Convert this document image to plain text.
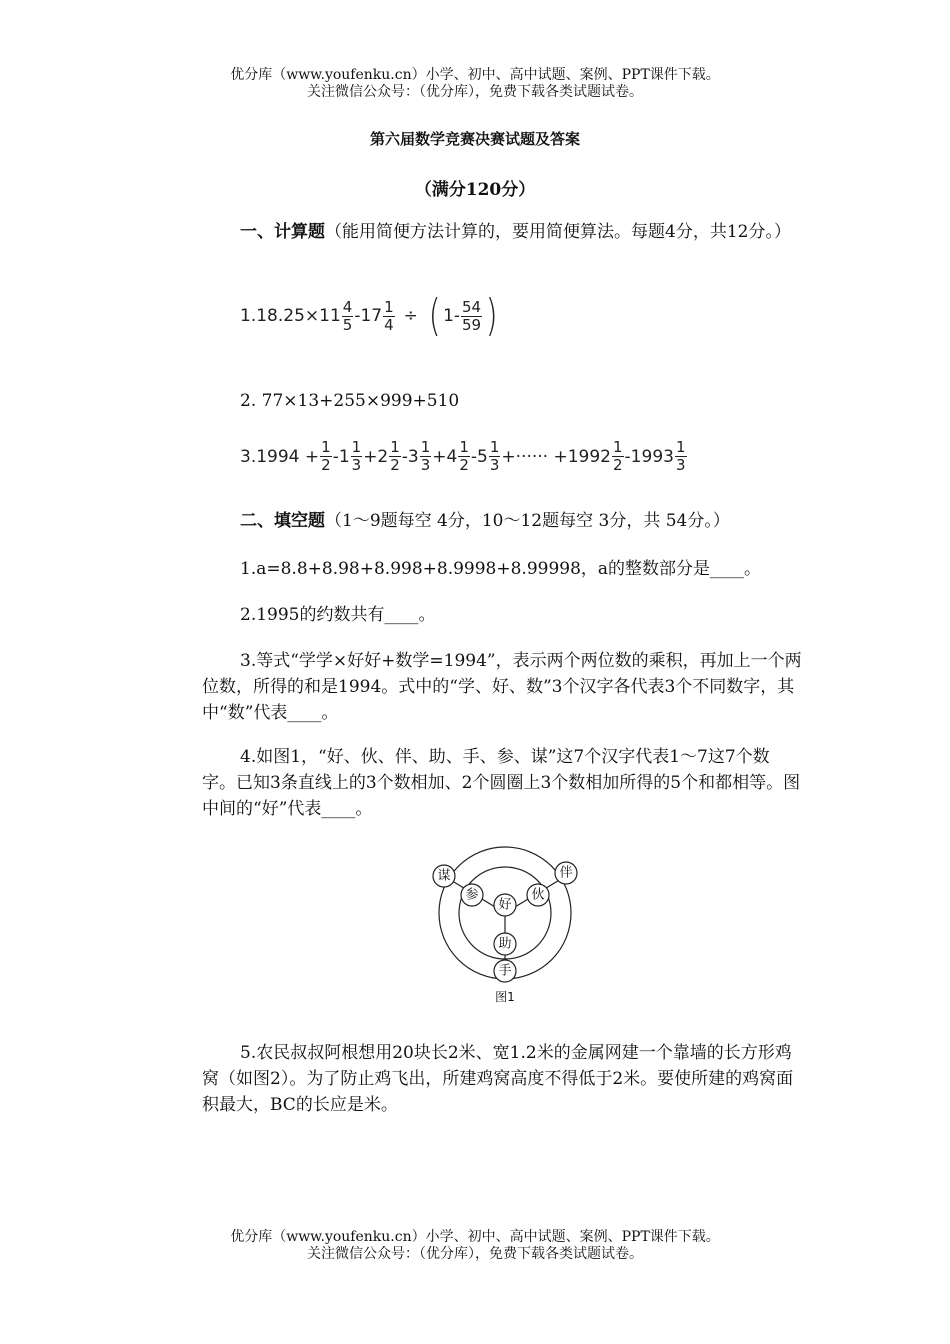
优分库（www.youfenku.cn）小学、初中、高中试题、案例、PPT课件下载。
关注微信公众号：（优分库），免费下载各类试题试卷。
第六届数学竞赛决赛试题及答案
（满分120分）
一、计算题（能用简便方法计算的，要用简便算法。每题4分，共12分。）
$1.18.25\times 11 \frac{4}{5} -17 \frac{1}{4}$ ÷ ( $1- \frac{54}{59}$ )
2. 77×13+255×999+510
$3.1994 + \frac{1}{2} -1 \frac{1}{3} +2 \frac{1}{2} -3 \frac{1}{3} +4 \frac{1}{2} -5 \frac{1}{3}$ +······ $+1992 \frac{1}{2} -1993 \frac{1}{3}$
二、填空题（1～9题每空 4分，10～12题每空 3分，共 54分。）
1.a=8.8+8.98+8.998+8.9998+8.99998，a的整数部分是____。
2.1995的约数共有____。
3.等式“学学×好好+数学=1994”，表示两个两位数的乘积，再加上一个两位数，所得的和是1994。式中的“学、好、数”3个汉字各代表3个不同数字，其中“数”代表____。
4.如图1，“好、伙、伴、助、手、参、谋”这7个汉字代表1～7这7个数字。已知3条直线上的3个数相加、2个圆圈上3个数相加所得的5个和都相等。图中间的“好”代表____。
好
参	伙
助
谋	伴
手
图1
5.农民叔叔阿根想用20块长2米、宽1.2米的金属网建一个靠墙的长方形鸡窝（如图2）。为了防止鸡飞出，所建鸡窝高度不得低于2米。要使所建的鸡窝面积最大，BC的长应是米。
优分库（www.youfenku.cn）小学、初中、高中试题、案例、PPT课件下载。
关注微信公众号：（优分库），免费下载各类试题试卷。
